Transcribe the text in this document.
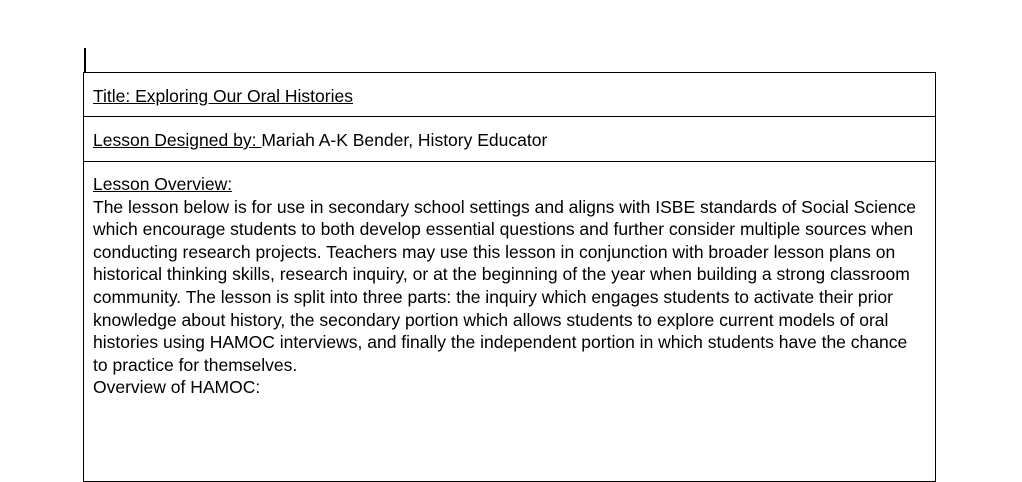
Title: Exploring Our Oral Histories
Lesson Designed by: Mariah A-K Bender, History Educator

Lesson Overview:

The lesson below is for use in secondary school settings and aligns with ISBE standards of Social Science which encourage students to both develop essential questions and further consider multiple sources when conducting research projects. Teachers may use this lesson in conjunction with broader lesson plans on historical thinking skills, research inquiry, or at the beginning of the year when building a strong classroom community. The lesson is split into three parts: the inquiry which engages students to activate their prior knowledge about history, the secondary portion which allows students to explore current models of oral histories using HAMOC interviews, and finally the independent portion in which students have the chance to practice for themselves.

Overview of HAMOC:
